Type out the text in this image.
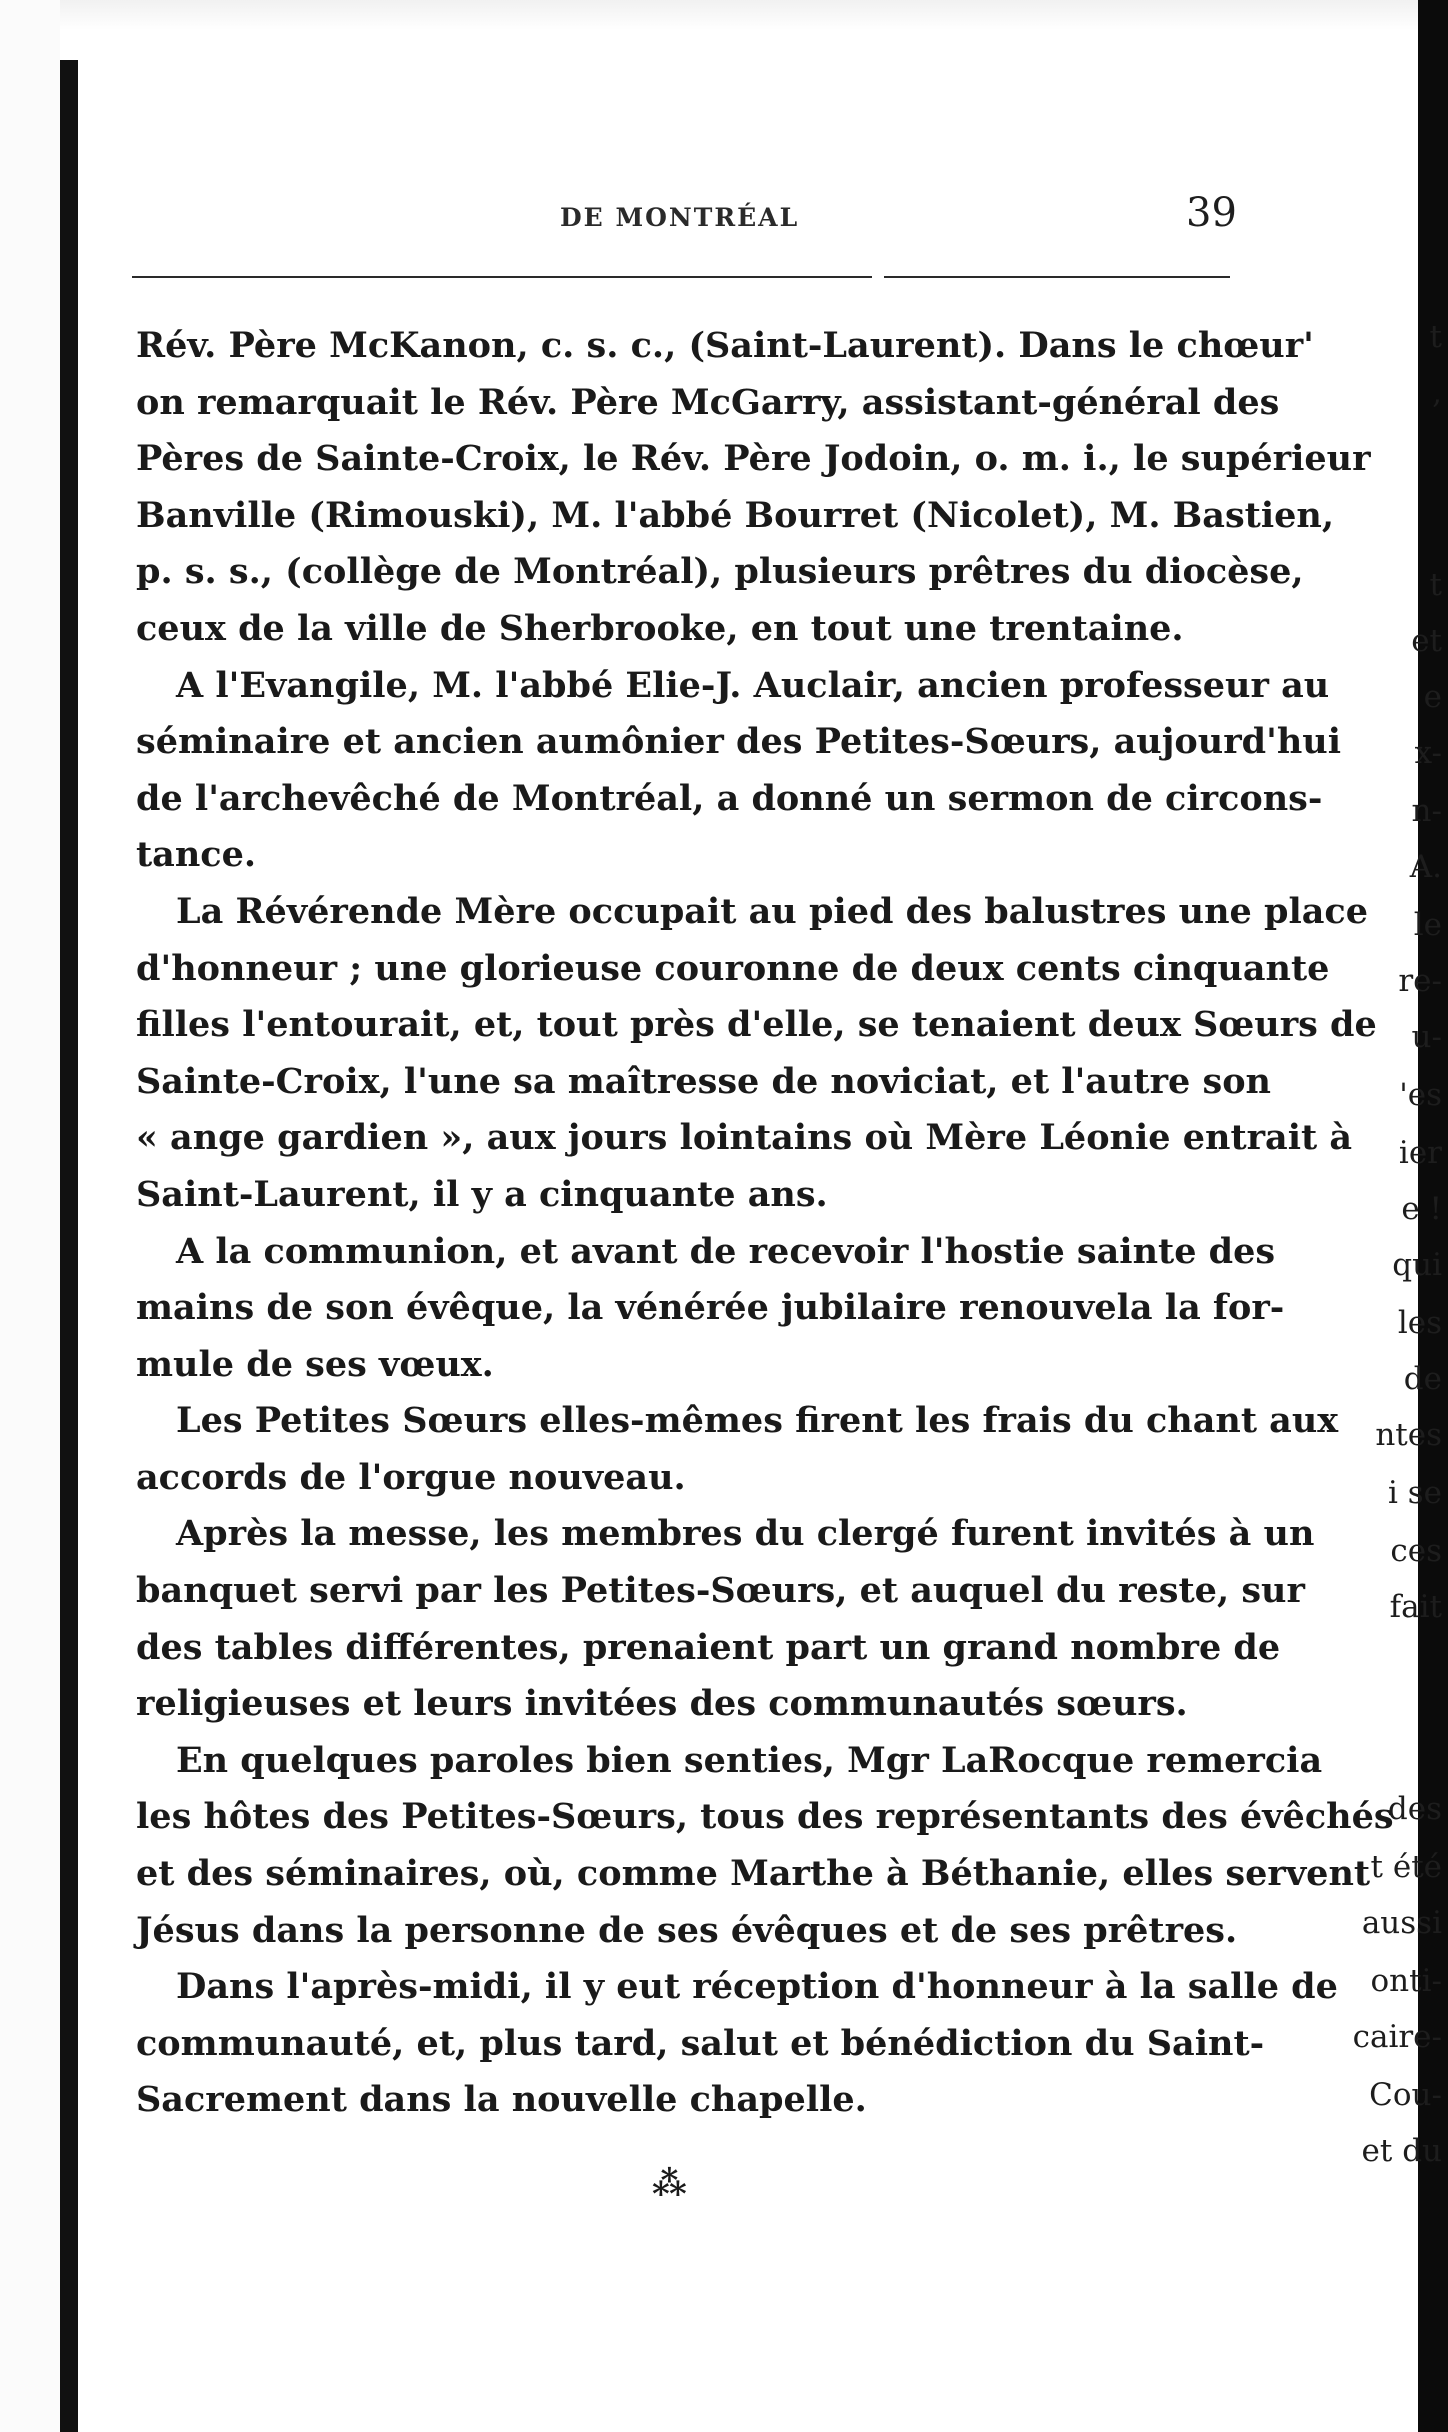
t
,
t
et
e
x-
n-
A.
le
re-
u-
'es
ier
e !
qui
les
de
ntes
i se
ces
fait
des
t été
aussi
onti-
caire-
Cou-
et du
DE MONTRÉAL	39
Rév. Père McKanon, c. s. c., (Saint-Laurent). Dans le chœur'
on remarquait le Rév. Père McGarry, assistant-général des
Pères de Sainte-Croix, le Rév. Père Jodoin, o. m. i., le supérieur
Banville (Rimouski), M. l'abbé Bourret (Nicolet), M. Bastien,
p. s. s., (collège de Montréal), plusieurs prêtres du diocèse,
ceux de la ville de Sherbrooke, en tout une trentaine.
A l'Evangile, M. l'abbé Elie-J. Auclair, ancien professeur au
séminaire et ancien aumônier des Petites-Sœurs, aujourd'hui
de l'archevêché de Montréal, a donné un sermon de circons-
tance.
La Révérende Mère occupait au pied des balustres une place
d'honneur ; une glorieuse couronne de deux cents cinquante
filles l'entourait, et, tout près d'elle, se tenaient deux Sœurs de
Sainte-Croix, l'une sa maîtresse de noviciat, et l'autre son
« ange gardien », aux jours lointains où Mère Léonie entrait à
Saint-Laurent, il y a cinquante ans.
A la communion, et avant de recevoir l'hostie sainte des
mains de son évêque, la vénérée jubilaire renouvela la for-
mule de ses vœux.
Les Petites Sœurs elles-mêmes firent les frais du chant aux
accords de l'orgue nouveau.
Après la messe, les membres du clergé furent invités à un
banquet servi par les Petites-Sœurs, et auquel du reste, sur
des tables différentes, prenaient part un grand nombre de
religieuses et leurs invitées des communautés sœurs.
En quelques paroles bien senties, Mgr LaRocque remercia
les hôtes des Petites-Sœurs, tous des représentants des évêchés
et des séminaires, où, comme Marthe à Béthanie, elles servent
Jésus dans la personne de ses évêques et de ses prêtres.
Dans l'après-midi, il y eut réception d'honneur à la salle de
communauté, et, plus tard, salut et bénédiction du Saint-
Sacrement dans la nouvelle chapelle.
⁂
